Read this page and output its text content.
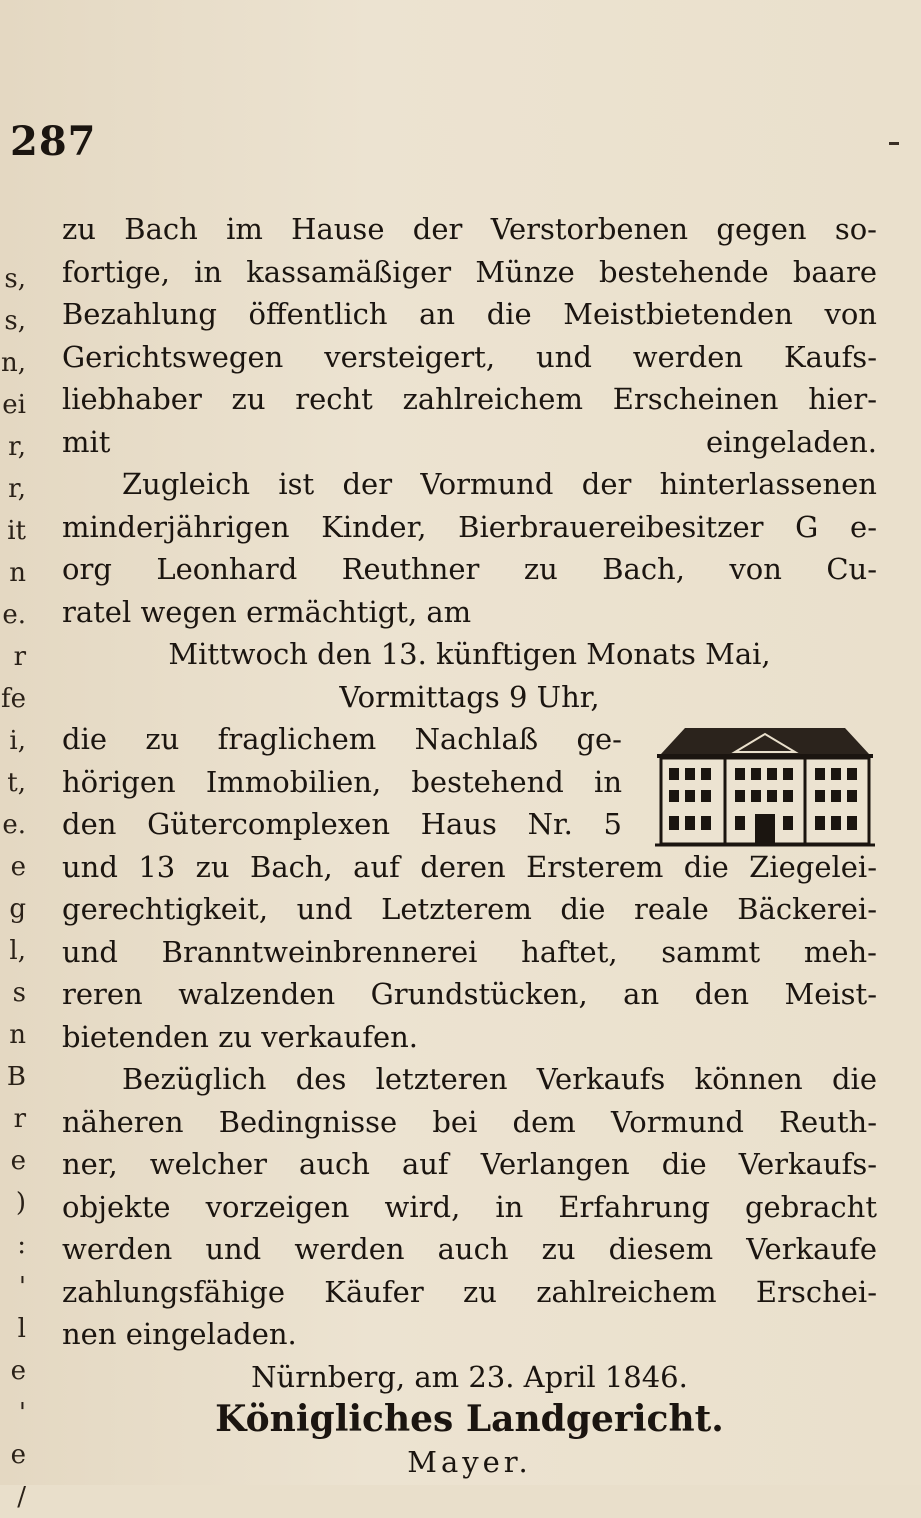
287
s,
s,
n,
ei
r,
r,
it
n
e.
r
fe
i,
t,
e.
e
g
l,
s
n
B
r
e
)
:
'
l
e
'
e
/

zu Bach im Hause der Verstorbenen gegen so-
fortige, in kassamäßiger Münze bestehende baare
Bezahlung öffentlich an die Meistbietenden von
Gerichtswegen versteigert, und werden Kaufs-
liebhaber zu recht zahlreichem Erscheinen hier-
mit eingeladen.

Zugleich ist der Vormund der hinterlassenen
minderjährigen Kinder, Bierbrauereibesitzer G e-
org Leonhard Reuthner zu Bach, von Cu-
ratel wegen ermächtigt, am

Mittwoch den 13. künftigen Monats Mai,

Vormittags 9 Uhr,

die zu fraglichem Nachlaß ge-
hörigen Immobilien, bestehend in
den Gütercomplexen Haus Nr. 5
und 13 zu Bach, auf deren Ersterem die Ziegelei-
gerechtigkeit, und Letzterem die reale Bäckerei-
und Branntweinbrennerei haftet, sammt meh-
reren walzenden Grundstücken, an den Meist-
bietenden zu verkaufen.

Bezüglich des letzteren Verkaufs können die
näheren Bedingnisse bei dem Vormund Reuth-
ner, welcher auch auf Verlangen die Verkaufs-
objekte vorzeigen wird, in Erfahrung gebracht
werden und werden auch zu diesem Verkaufe
zahlungsfähige Käufer zu zahlreichem Erschei-
nen eingeladen.

Nürnberg, am 23. April 1846.

Königliches Landgericht.

Mayer.
